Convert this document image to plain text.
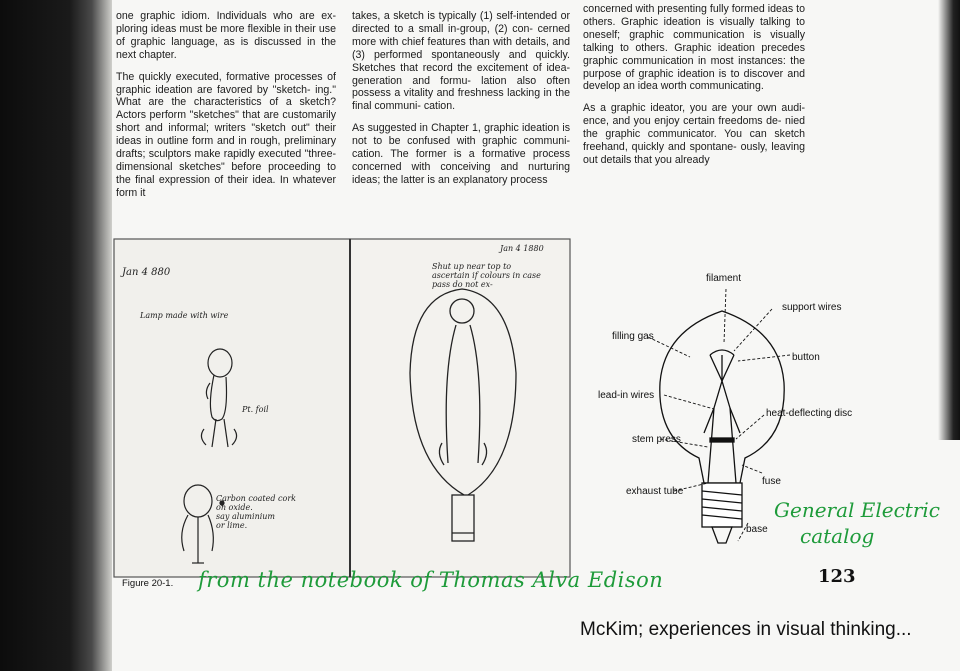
one graphic idiom. Individuals who are ex- ploring ideas must be more flexible in their use of graphic language, as is discussed in the next chapter.

The quickly executed, formative processes of graphic ideation are favored by "sketch- ing." What are the characteristics of a sketch? Actors perform "sketches" that are customarily short and informal; writers "sketch out" their ideas in outline form and in rough, preliminary drafts; sculptors make rapidly executed "three-dimensional sketches" before proceeding to the final expression of their idea. In whatever form it

takes, a sketch is typically (1) self-intended or directed to a small in-group, (2) con- cerned more with chief features than with details, and (3) performed spontaneously and quickly. Sketches that record the excitement of idea-generation and formu- lation also often possess a vitality and freshness lacking in the final communi- cation.

As suggested in Chapter 1, graphic ideation is not to be confused with graphic communi- cation. The former is a formative process concerned with conceiving and nurturing ideas; the latter is an explanatory process

concerned with presenting fully formed ideas to others. Graphic ideation is visually talking to oneself; graphic communication is visually talking to others. Graphic ideation precedes graphic communication in most instances: the purpose of graphic ideation is to discover and develop an idea worth communicating.

As a graphic ideator, you are your own audi- ence, and you enjoy certain freedoms de- nied the graphic communicator. You can sketch freehand, quickly and spontane- ously, leaving out details that you already

Jan 4 880
Lamp made with wire
Pt. foil
Carbon coated cork
on oxide.
say aluminium
or lime.
Jan 4 1880
Shut up near top to
ascertain if colours in case
pass do not ex-
filament
filling gas
support wires
button
lead-in wires
heat-deflecting disc
stem press
fuse
exhaust tube
base
General Electric
catalog
from the notebook of Thomas Alva Edison
Figure 20-1.	123
McKim; experiences in visual thinking...
